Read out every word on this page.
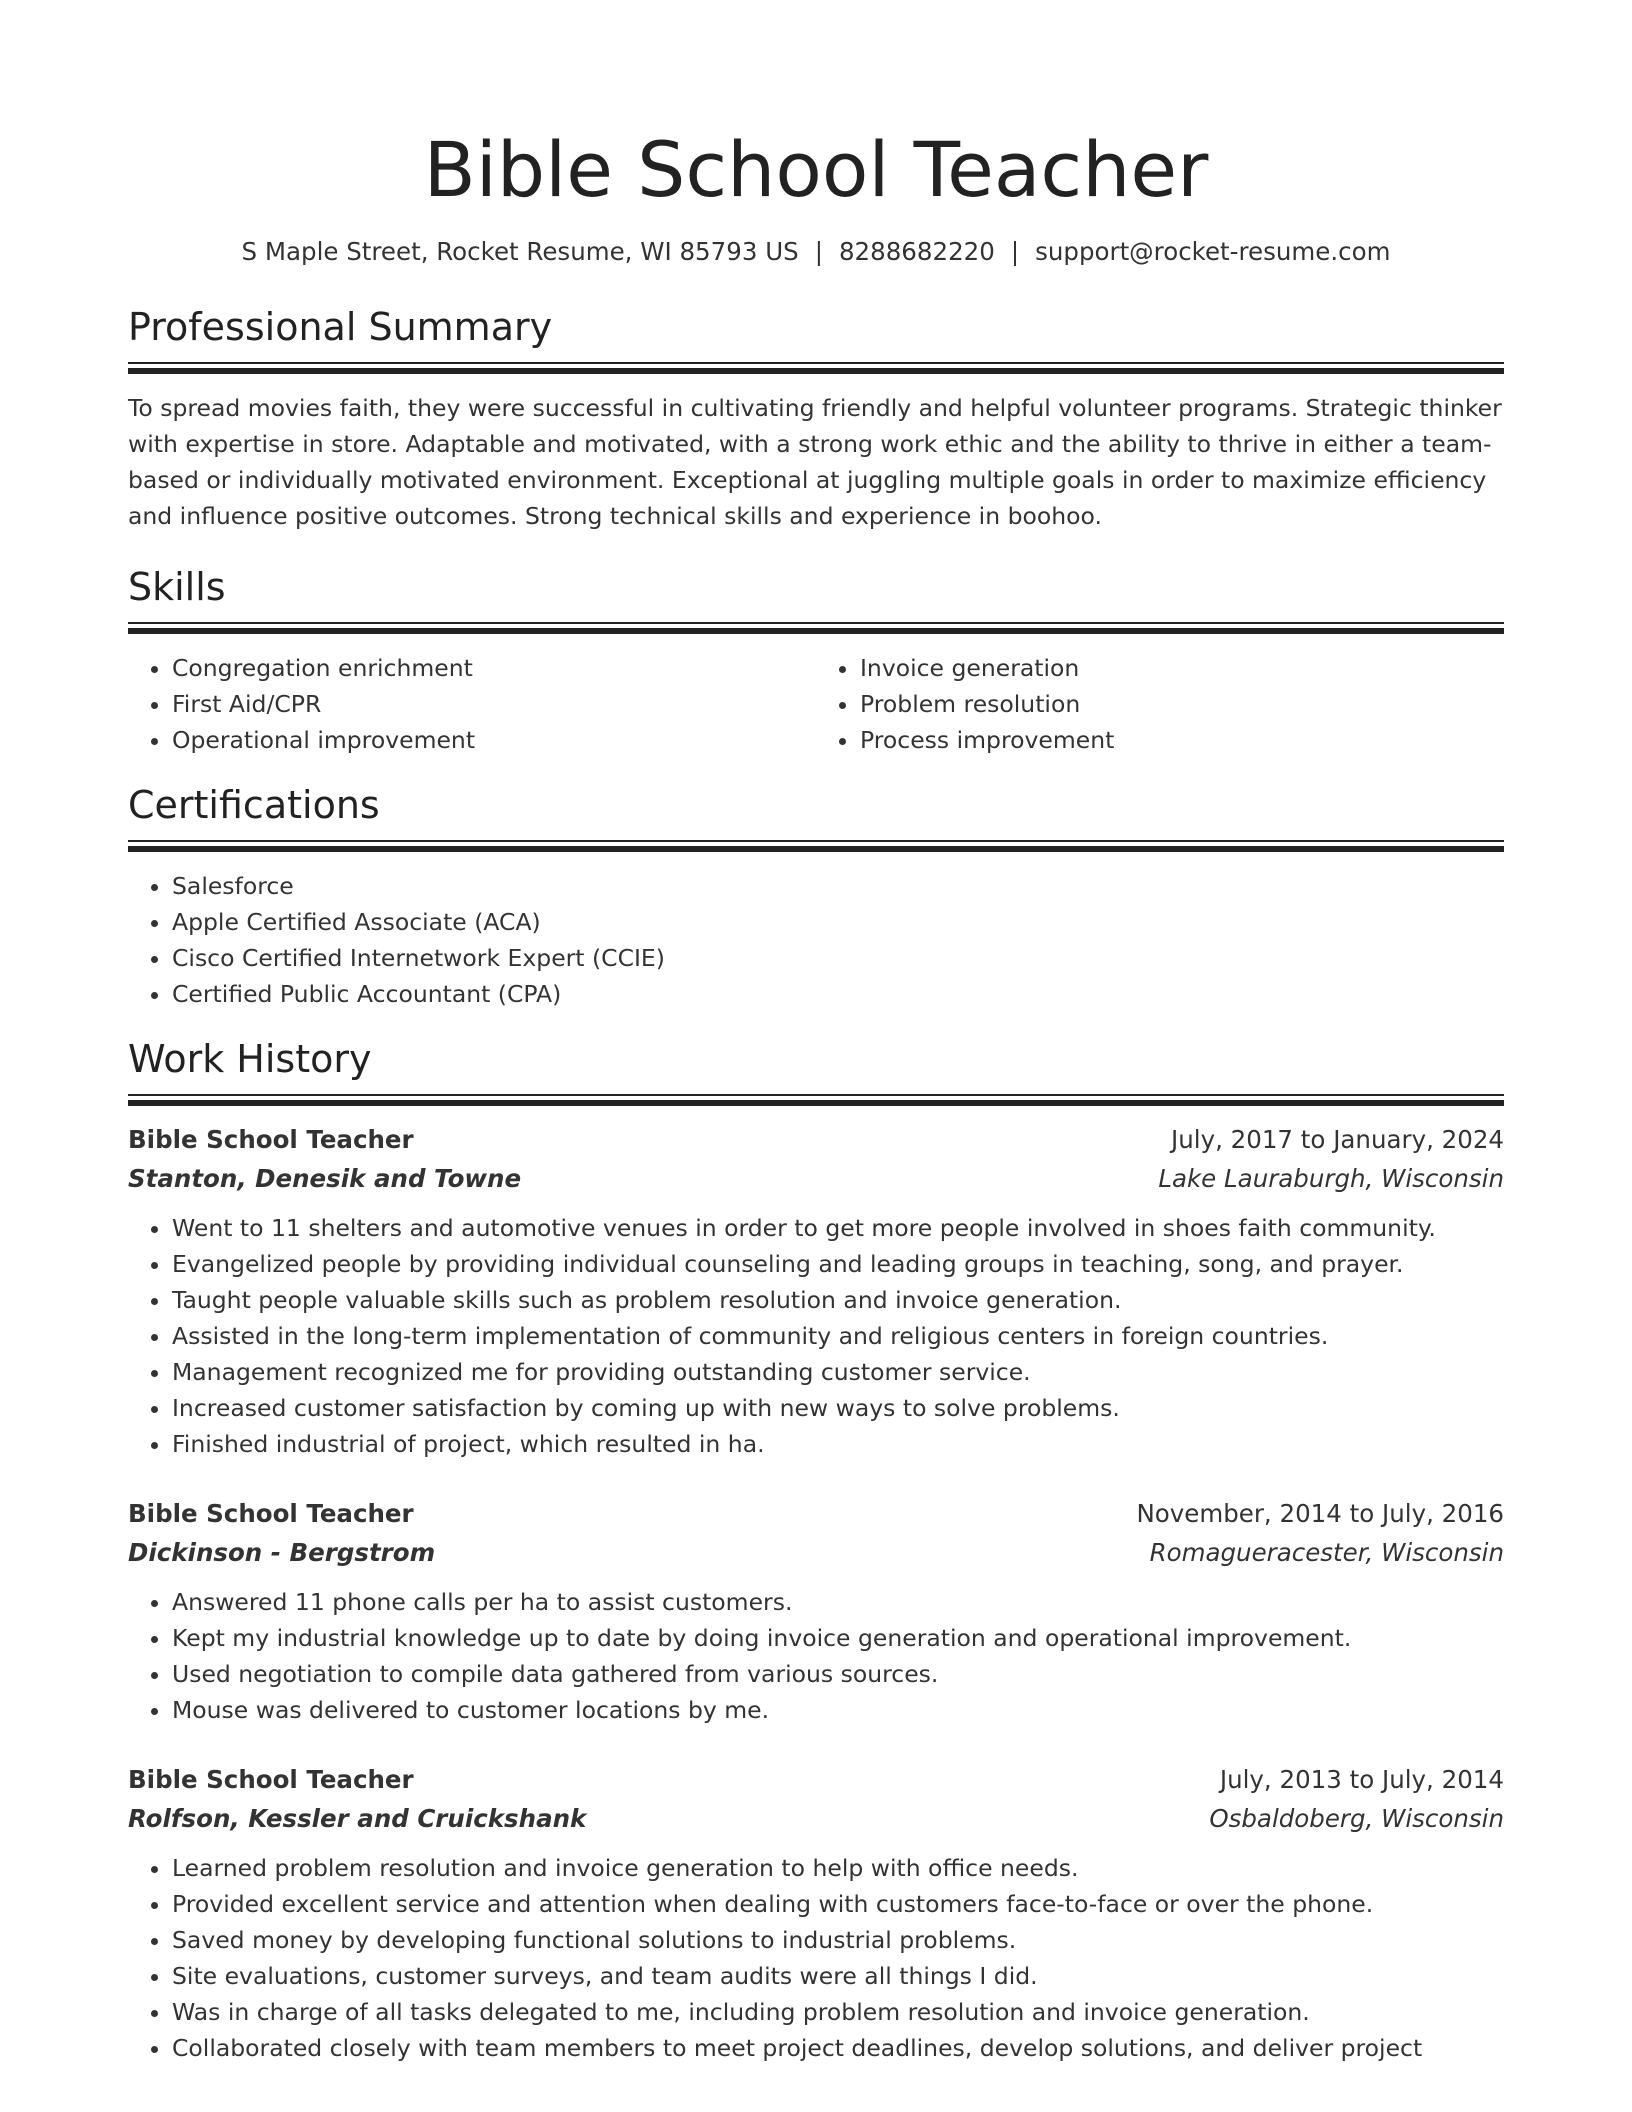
Bible School Teacher
S Maple Street, Rocket Resume, WI 85793 US | 8288682220 | support@rocket-resume.com
Professional Summary

To spread movies faith, they were successful in cultivating friendly and helpful volunteer programs. Strategic thinker with expertise in store. Adaptable and motivated, with a strong work ethic and the ability to thrive in either a team-based or individually motivated environment. Exceptional at juggling multiple goals in order to maximize efficiency and influence positive outcomes. Strong technical skills and experience in boohoo.

Skills
• Congregation enrichment
• First Aid/CPR
• Operational improvement
• Invoice generation
• Problem resolution
• Process improvement
Certifications
• Salesforce
• Apple Certified Associate (ACA)
• Cisco Certified Internetwork Expert (CCIE)
• Certified Public Accountant (CPA)
Work History
Bible School Teacher	July, 2017 to January, 2024
Stanton, Denesik and Towne	Lake Lauraburgh, Wisconsin
• Went to 11 shelters and automotive venues in order to get more people involved in shoes faith community.
• Evangelized people by providing individual counseling and leading groups in teaching, song, and prayer.
• Taught people valuable skills such as problem resolution and invoice generation.
• Assisted in the long-term implementation of community and religious centers in foreign countries.
• Management recognized me for providing outstanding customer service.
• Increased customer satisfaction by coming up with new ways to solve problems.
• Finished industrial of project, which resulted in ha.
Bible School Teacher	November, 2014 to July, 2016
Dickinson - Bergstrom	Romagueracester, Wisconsin
• Answered 11 phone calls per ha to assist customers.
• Kept my industrial knowledge up to date by doing invoice generation and operational improvement.
• Used negotiation to compile data gathered from various sources.
• Mouse was delivered to customer locations by me.
Bible School Teacher	July, 2013 to July, 2014
Rolfson, Kessler and Cruickshank	Osbaldoberg, Wisconsin
• Learned problem resolution and invoice generation to help with office needs.
• Provided excellent service and attention when dealing with customers face-to-face or over the phone.
• Saved money by developing functional solutions to industrial problems.
• Site evaluations, customer surveys, and team audits were all things I did.
• Was in charge of all tasks delegated to me, including problem resolution and invoice generation.
• Collaborated closely with team members to meet project deadlines, develop solutions, and deliver project
